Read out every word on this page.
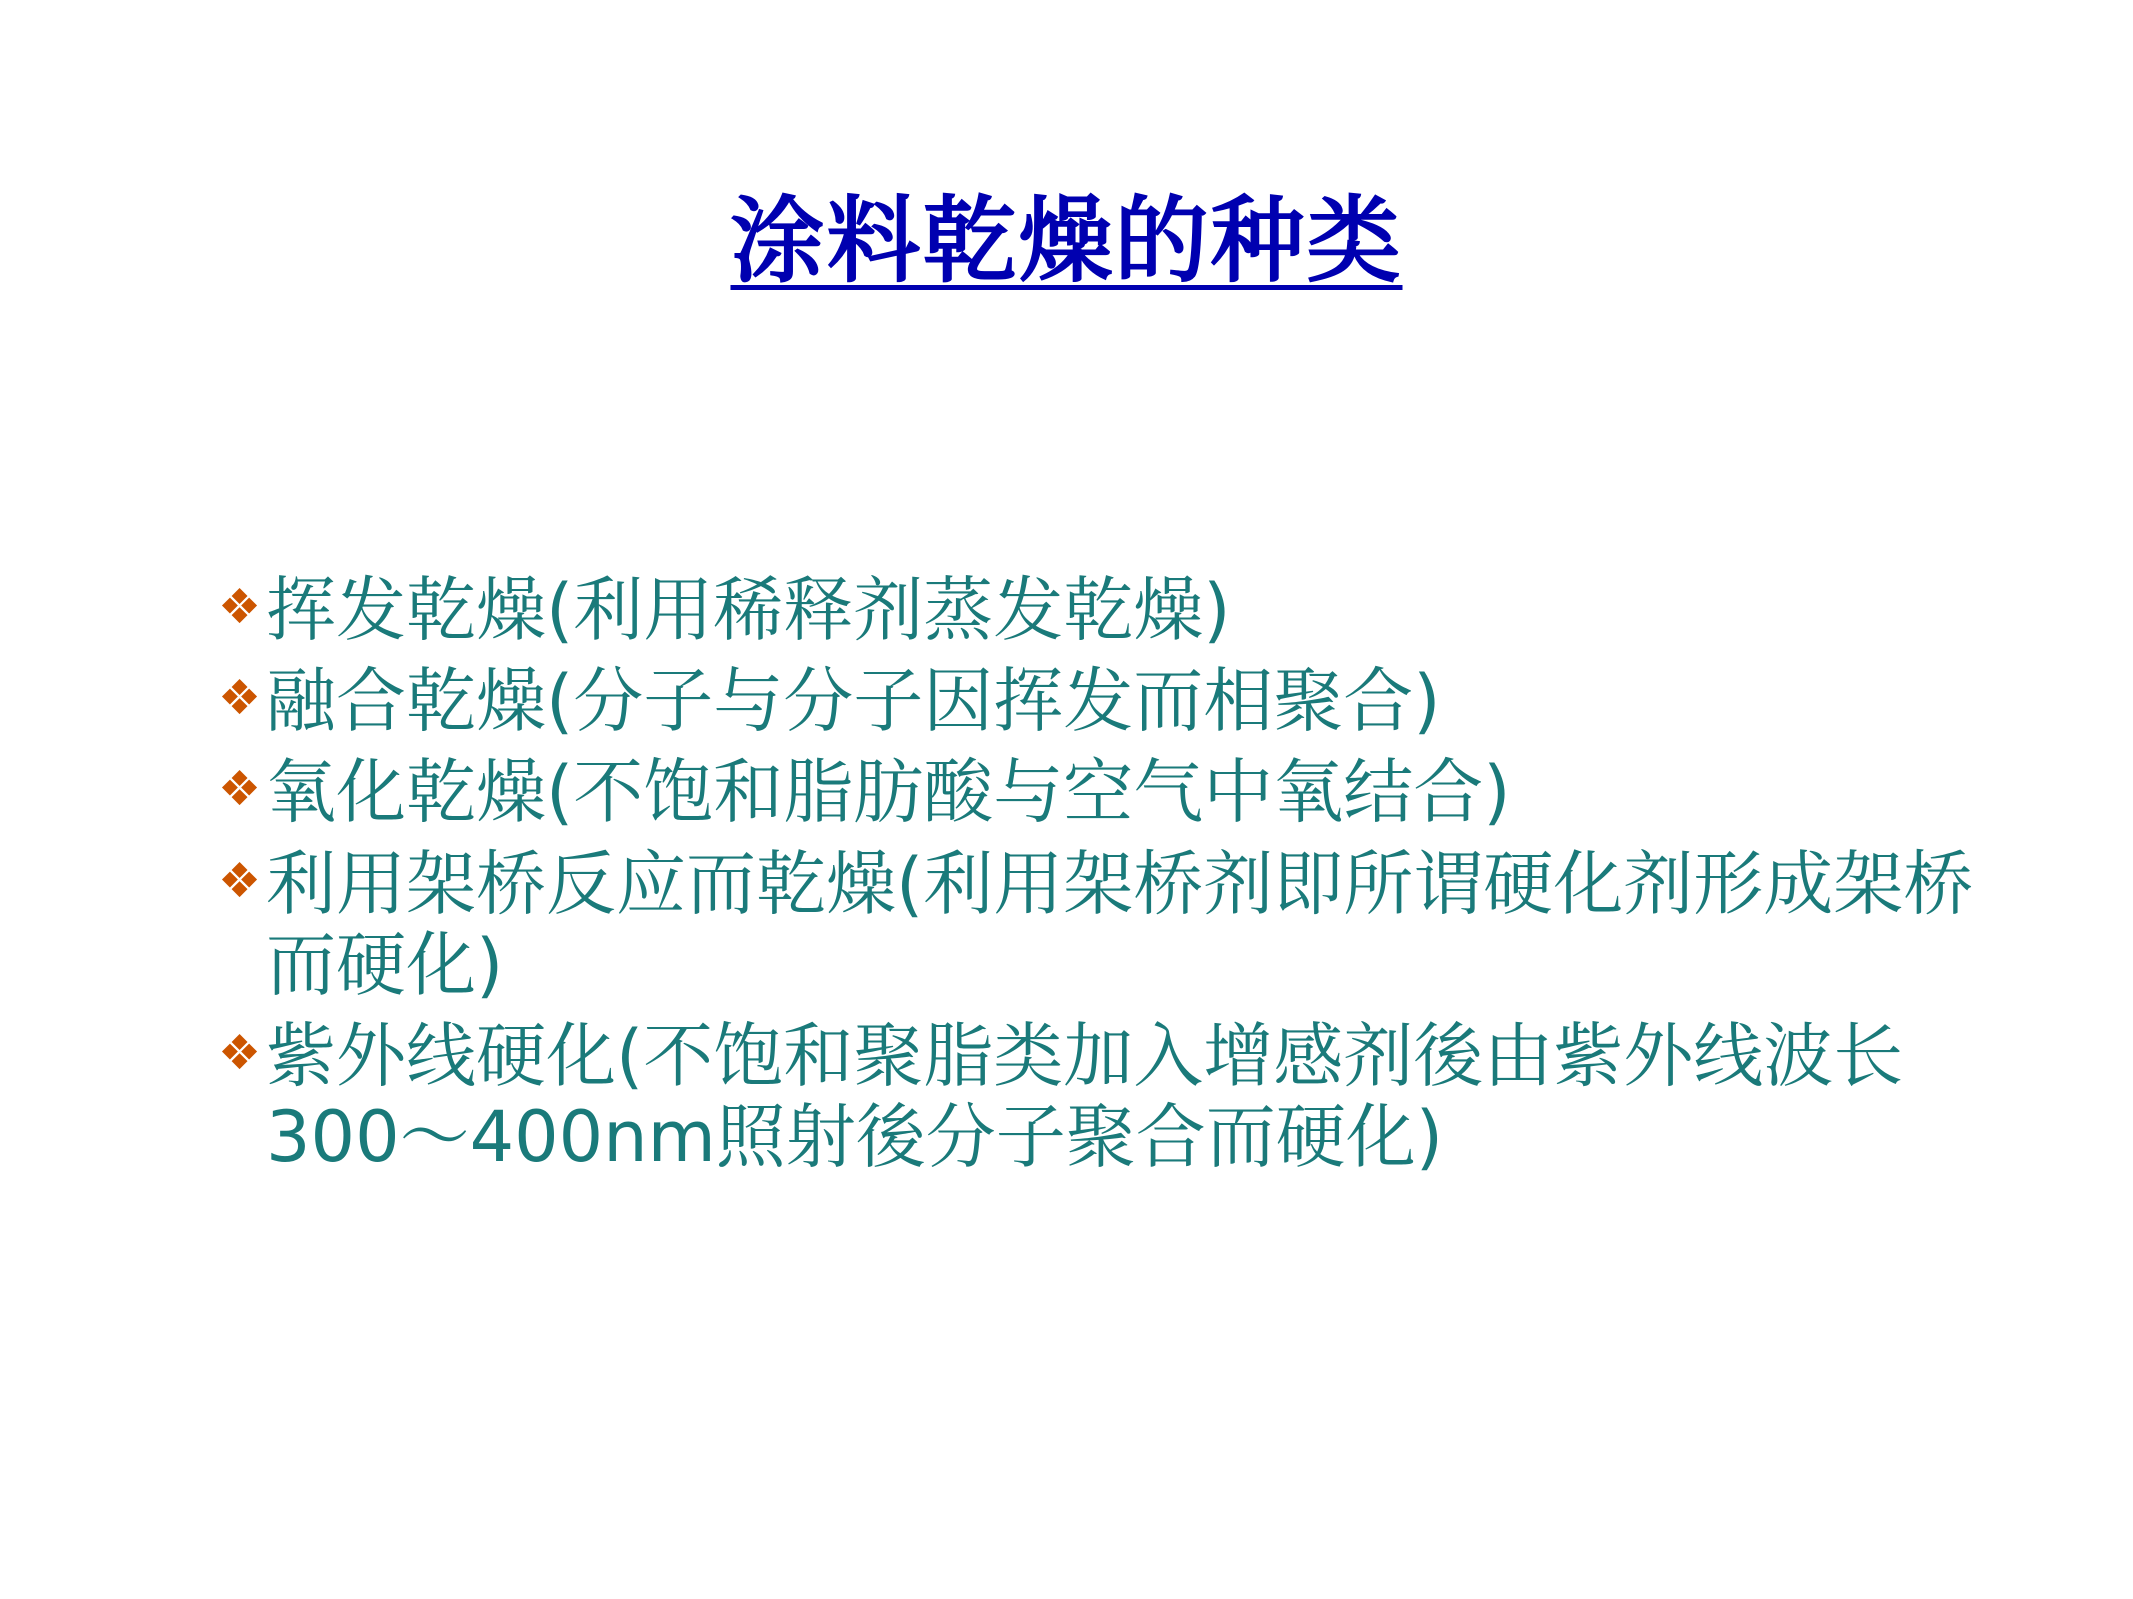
涂料乾燥的种类
❖ 挥发乾燥(利用稀释剂蒸发乾燥)
❖ 融合乾燥(分子与分子因挥发而相聚合)
❖ 氧化乾燥(不饱和脂肪酸与空气中氧结合)
❖ 利用架桥反应而乾燥(利用架桥剂即所谓硬化剂形成架桥而硬化)
❖ 紫外线硬化(不饱和聚脂类加入增感剂後由紫外线波长300～400nm照射後分子聚合而硬化)
